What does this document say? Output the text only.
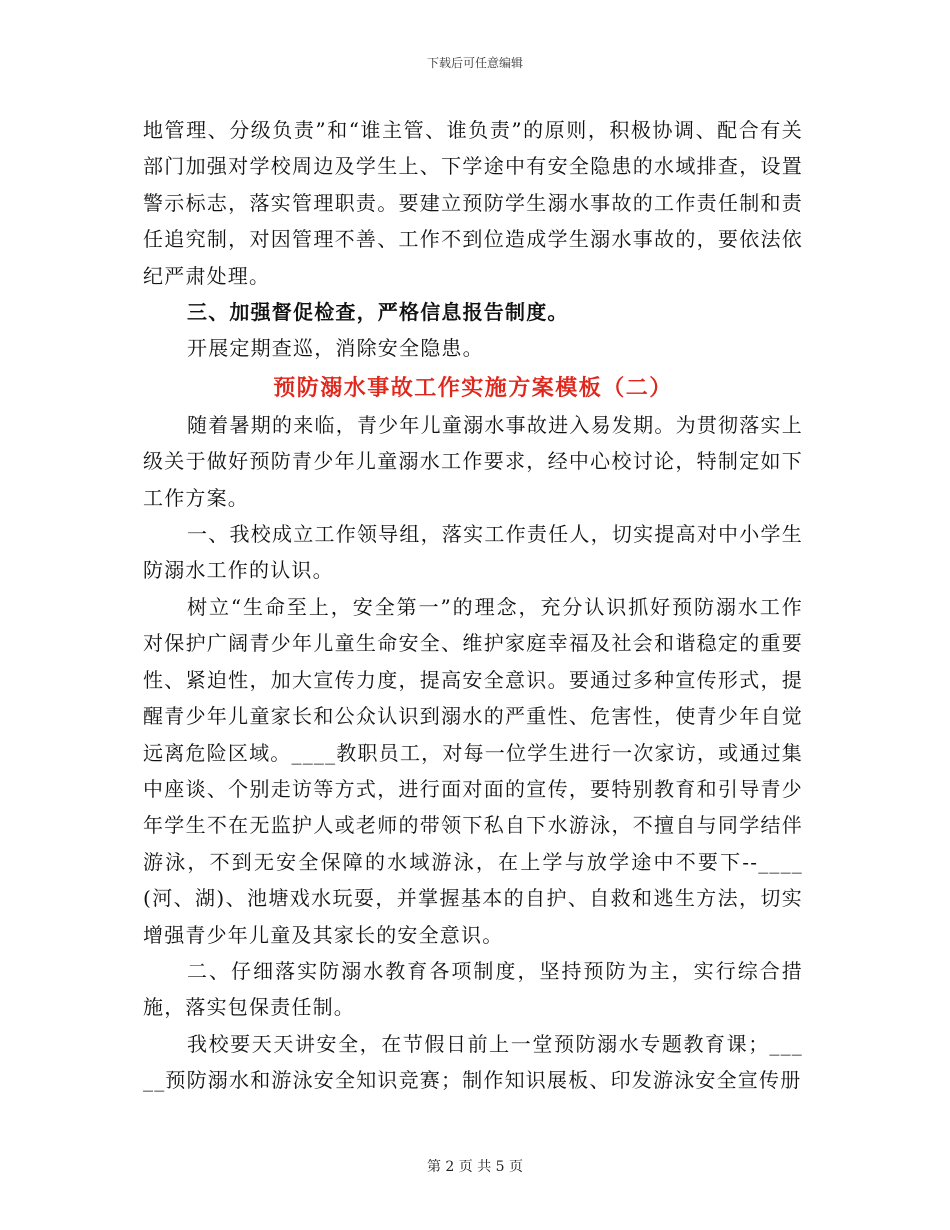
下载后可任意编辑

地管理、分级负责”和“谁主管、谁负责”的原则，积极协调、配合有关部门加强对学校周边及学生上、下学途中有安全隐患的水域排查，设置警示标志，落实管理职责。要建立预防学生溺水事故的工作责任制和责任追究制，对因管理不善、工作不到位造成学生溺水事故的，要依法依纪严肃处理。

三、加强督促检查，严格信息报告制度。

开展定期查巡，消除安全隐患。

预防溺水事故工作实施方案模板（二）

随着暑期的来临，青少年儿童溺水事故进入易发期。为贯彻落实上级关于做好预防青少年儿童溺水工作要求，经中心校讨论，特制定如下工作方案。

一、我校成立工作领导组，落实工作责任人，切实提高对中小学生防溺水工作的认识。

树立“生命至上，安全第一”的理念，充分认识抓好预防溺水工作对保护广阔青少年儿童生命安全、维护家庭幸福及社会和谐稳定的重要性、紧迫性，加大宣传力度，提高安全意识。要通过多种宣传形式，提醒青少年儿童家长和公众认识到溺水的严重性、危害性，使青少年自觉远离危险区域。____教职员工，对每一位学生进行一次家访，或通过集中座谈、个别走访等方式，进行面对面的宣传，要特别教育和引导青少年学生不在无监护人或老师的带领下私自下水游泳，不擅自与同学结伴游泳，不到无安全保障的水域游泳，在上学与放学途中不要下--____(河、湖)、池塘戏水玩耍，并掌握基本的自护、自救和逃生方法，切实增强青少年儿童及其家长的安全意识。

二、仔细落实防溺水教育各项制度，坚持预防为主，实行综合措施，落实包保责任制。

我校要天天讲安全，在节假日前上一堂预防溺水专题教育课；_____预防溺水和游泳安全知识竞赛；制作知识展板、印发游泳安全宣传册

第 2 页 共 5 页
